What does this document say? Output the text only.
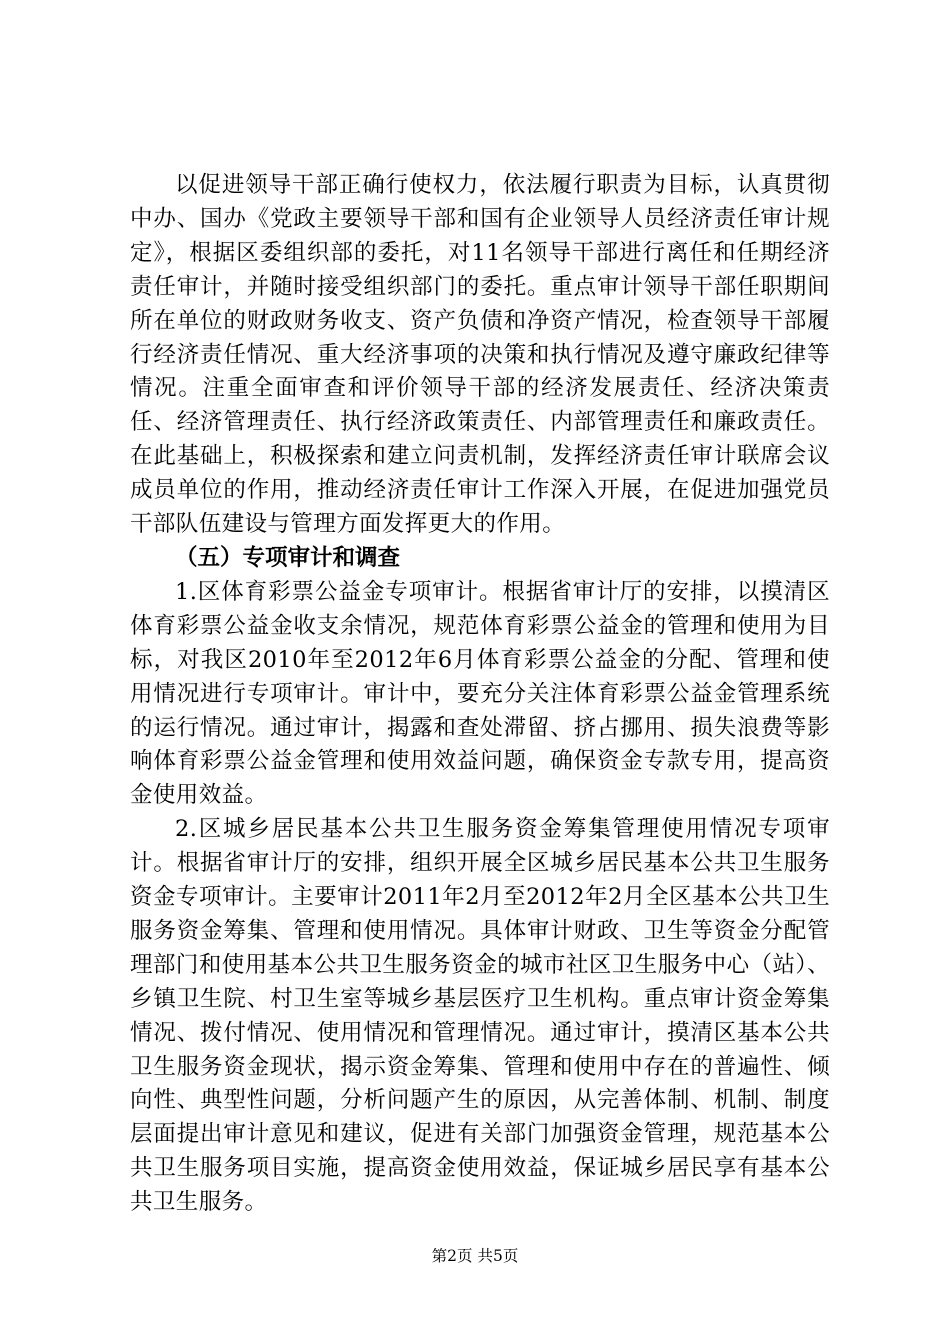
以促进领导干部正确行使权力，依法履行职责为目标，认真贯彻中办、国办《党政主要领导干部和国有企业领导人员经济责任审计规定》，根据区委组织部的委托，对11名领导干部进行离任和任期经济责任审计，并随时接受组织部门的委托。重点审计领导干部任职期间所在单位的财政财务收支、资产负债和净资产情况，检查领导干部履行经济责任情况、重大经济事项的决策和执行情况及遵守廉政纪律等情况。注重全面审查和评价领导干部的经济发展责任、经济决策责任、经济管理责任、执行经济政策责任、内部管理责任和廉政责任。在此基础上，积极探索和建立问责机制，发挥经济责任审计联席会议成员单位的作用，推动经济责任审计工作深入开展，在促进加强党员干部队伍建设与管理方面发挥更大的作用。

（五）专项审计和调查

1.区体育彩票公益金专项审计。根据省审计厅的安排，以摸清区体育彩票公益金收支余情况，规范体育彩票公益金的管理和使用为目标，对我区2010年至2012年6月体育彩票公益金的分配、管理和使用情况进行专项审计。审计中，要充分关注体育彩票公益金管理系统的运行情况。通过审计，揭露和查处滞留、挤占挪用、损失浪费等影响体育彩票公益金管理和使用效益问题，确保资金专款专用，提高资金使用效益。

2.区城乡居民基本公共卫生服务资金筹集管理使用情况专项审计。根据省审计厅的安排，组织开展全区城乡居民基本公共卫生服务资金专项审计。主要审计2011年2月至2012年2月全区基本公共卫生服务资金筹集、管理和使用情况。具体审计财政、卫生等资金分配管理部门和使用基本公共卫生服务资金的城市社区卫生服务中心（站）、乡镇卫生院、村卫生室等城乡基层医疗卫生机构。重点审计资金筹集情况、拨付情况、使用情况和管理情况。通过审计，摸清区基本公共卫生服务资金现状，揭示资金筹集、管理和使用中存在的普遍性、倾向性、典型性问题，分析问题产生的原因，从完善体制、机制、制度层面提出审计意见和建议，促进有关部门加强资金管理，规范基本公共卫生服务项目实施，提高资金使用效益，保证城乡居民享有基本公共卫生服务。

第2页 共5页
